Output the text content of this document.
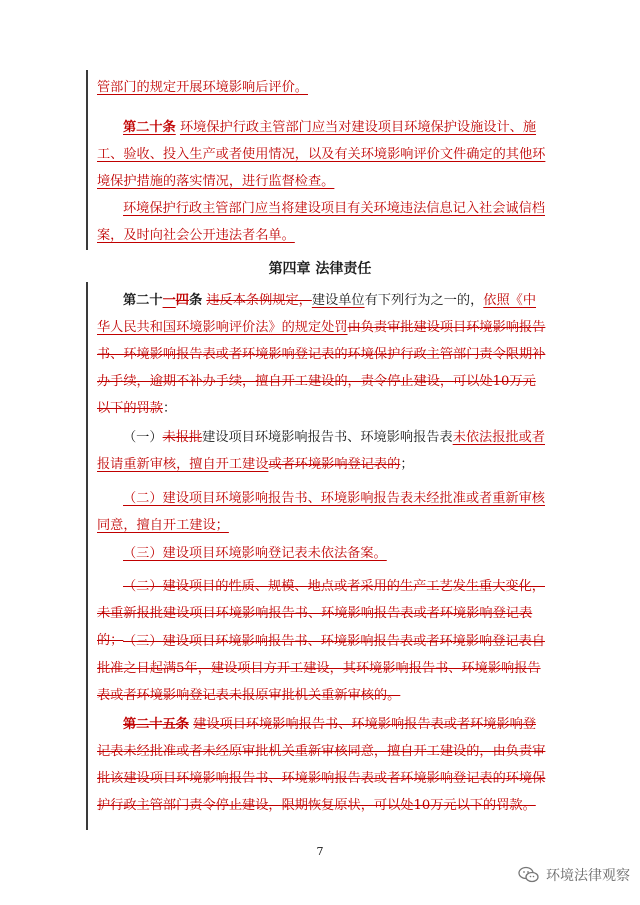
管部门的规定开展环境影响后评价。
第二十条 环境保护行政主管部门应当对建设项目环境保护设施设计、施工、验收、投入生产或者使用情况，以及有关环境影响评价文件确定的其他环境保护措施的落实情况，进行监督检查。
环境保护行政主管部门应当将建设项目有关环境违法信息记入社会诚信档案，及时向社会公开违法者名单。
第四章 法律责任
第二十一四条 违反本条例规定，建设单位有下列行为之一的，依照《中华人民共和国环境影响评价法》的规定处罚由负责审批建设项目环境影响报告书、环境影响报告表或者环境影响登记表的环境保护行政主管部门责令限期补办手续，逾期不补办手续，擅自开工建设的，责令停止建设，可以处10万元以下的罚款：
（一）未报批建设项目环境影响报告书、环境影响报告表未依法报批或者报请重新审核，擅自开工建设或者环境影响登记表的；
（二）建设项目环境影响报告书、环境影响报告表未经批准或者重新审核同意，擅自开工建设；
（三）建设项目环境影响登记表未依法备案。
（二）建设项目的性质、规模、地点或者采用的生产工艺发生重大变化，未重新报批建设项目环境影响报告书、环境影响报告表或者环境影响登记表的； （三）建设项目环境影响报告书、环境影响报告表或者环境影响登记表自批准之日起满5年，建设项目方开工建设，其环境影响报告书、环境影响报告表或者环境影响登记表未报原审批机关重新审核的。
第二十五条 建设项目环境影响报告书、环境影响报告表或者环境影响登记表未经批准或者未经原审批机关重新审核同意，擅自开工建设的，由负责审批该建设项目环境影响报告书、环境影响报告表或者环境影响登记表的环境保护行政主管部门责令停止建设，限期恢复原状，可以处10万元以下的罚款。
7
环境法律观察
